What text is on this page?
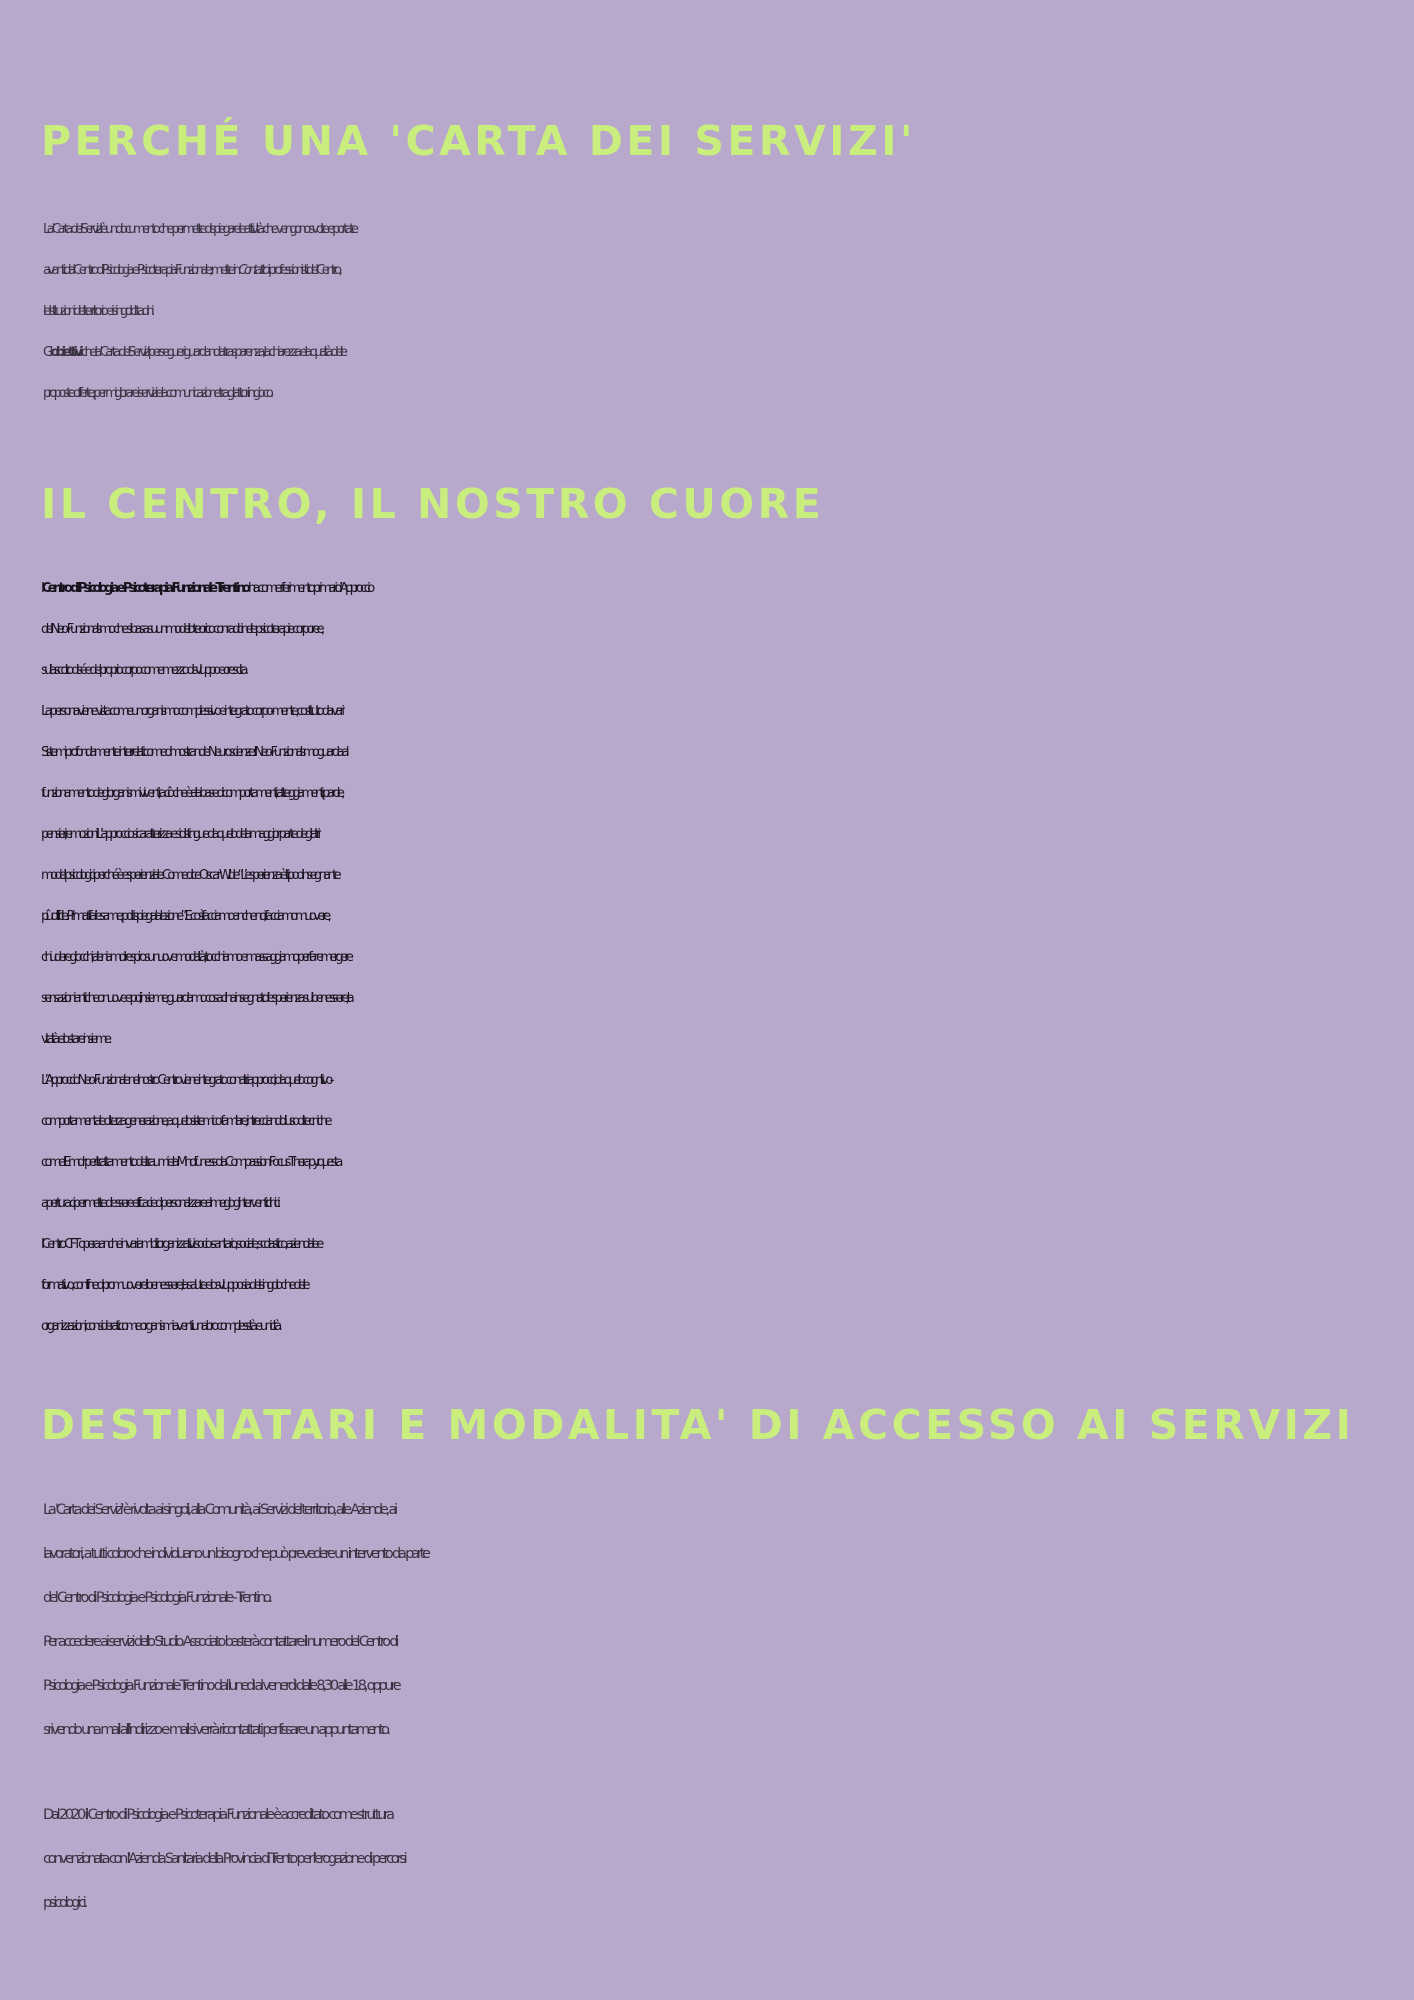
PERCHÉ UNA 'CARTA DEI SERVIZI'
La 'Carta dei Servizi' è un documento che permette di spiegare le attività che vengono svolte e portate
avanti dal Centro di Psicologia e Psicoterapia Funzionale; mette in Contatto i professionisti del Centro,
le Istituzioni del territorio e i singoli cittadini.
Gli obiettivi che la 'Carta dei Servizi' persegue riguardano la trasparenza, la chiarezza e la qualità delle
proposte offerte, per migliorare i servizi e la comunicazione tra gli attori in gioco.
IL CENTRO, IL NOSTRO CUORE
Il Centro di Psicologia e Psicoterapia Funzionale Trentino ha come riferimento primario l’Approccio
del Neo-Funzionalismo che si basa su un modello teorico con radici nelle psicoterapie corporee,
sull’ascolto di sé e del proprio corpo come mezzo di sviluppo e crescita.
La persona viene vista come un organismo complessivo e integrato corpo-mente, costituito da vari
Sistemi profondamente interrelati come dimostrano le Neuroscienze: Il Neo-Funzionalismo guarda al
funzionamento degli organismi viventi, a ciò che è alla base di comportamenti, atteggiamenti, parole,
pensieri, emozioni. L’approccio si caratterizza e si distingue da quello della maggior parte degli altri
modelli psicologici perché è esperienziale. Come dice Oscar Wilde “L’esperienza è il tipo di insegnante
più difficile. Prima ti fa l’esame, poi ti spiega la lezione”. E così facciamo anche noi, facciamo muovere,
chiudere gli occhi, alleniamo il respiro su nuove modalità, tocchiamo e massaggiamo per far emergere
sensazioni antiche o nuove e poi, insieme, guardiamo cosa ci ha insegnato l’esperienza sul benessere, la
vitalità e lo stare insieme.
L’Approccio Neo-Funzionale nel nostro Centro viene integrato con altri approcci, da quello cognitivo-
comportamentale di terza generazione, a quello sistemico-familiare, intrecciando l’uso di tecniche
come l’Emdr per il trattamento dei traumi e la Mindfuness o la Compassion Focus Therapy: questa
apertura ci permette di essere efficaci e di personalizzare al meglio gli interventi clinici.
Il Centro CFT opera anche in vari ambiti organizzativi: socio-sanitario, sociale, scolastico, aziendale e
formativo, con il fine di promuovere il benessere, la salute e lo sviluppo sia del singolo che delle
organizzazioni, considerati come organismi aventi una loro complessità e unicità.
DESTINATARI E MODALITA' DI ACCESSO AI SERVIZI
La 'Carta dei Servizi' è rivolta ai singoli, alla Comunità, ai Servizi del territorio, alle Aziende, ai
lavoratori, a tutti coloro che individuano un bisogno che può prevedere un intervento da parte
del Centro di Psicologia e Psicologia Funzionale - Trentino.
Per accedere ai servizi dello Studio Associato basterà contattare il numero del Centro di
Psicologia e Psicologia Funzionale Trentino dal lunedì al venerdì dalle 8,30 alle 18, oppure
srivendo una mail all'indirizzo e-mail si verrà ricontattati per fissare un appuntamento.
Dal 2020 il Centro di Psicologia e Psicoterapia Funzionale è accreditato come struttura
convenzionata con l'Azienda Sanitaria della Provincia di Trento per l'erogazione di percorsi
psicologici.
